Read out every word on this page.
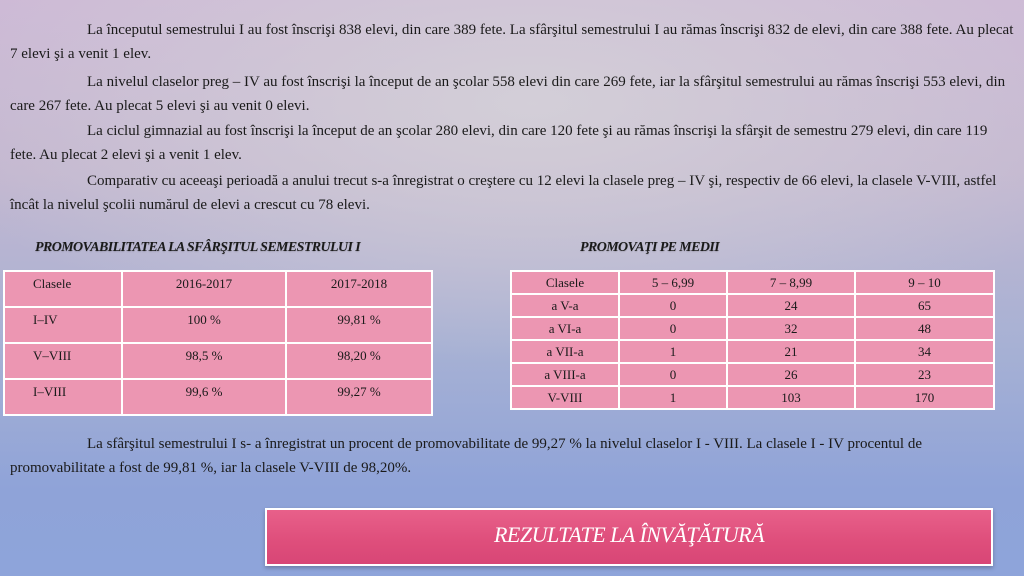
La începutul semestrului I au fost înscrişi 838 elevi, din care 389 fete. La sfârşitul semestrului I au rămas înscrişi 832 de elevi, din care 388 fete. Au plecat 7 elevi şi a venit 1 elev.
La nivelul claselor preg – IV au fost înscrişi la început de an şcolar 558 elevi din care 269 fete, iar la sfârşitul semestrului au rămas înscrişi 553 elevi, din care 267 fete. Au plecat 5 elevi şi au venit 0 elevi.
La ciclul gimnazial au fost înscrişi la început de an şcolar 280 elevi, din care 120 fete şi au rămas înscrişi la sfârşit de semestru 279 elevi, din care 119 fete. Au plecat 2 elevi şi a venit 1 elev.
Comparativ cu aceeaşi perioadă a anului trecut s-a înregistrat o creştere cu 12 elevi la clasele preg – IV şi, respectiv de 66 elevi, la clasele V-VIII, astfel încât la nivelul şcolii numărul de elevi a crescut cu 78 elevi.
PROMOVABILITATEA LA SFÂRŞITUL SEMESTRULUI I	PROMOVAŢI PE MEDII
Clasele	2016-2017	2017-2018

I–IV	100 %	99,81 %

V–VIII	98,5 %	98,20 %

I–VIII	99,6 %	99,27 %
Clasele	5 – 6,99	7 – 8,99	9 – 10

a V-a	0	24	65

a VI-a	0	32	48

a VII-a	1	21	34

a VIII-a	0	26	23

V-VIII	1	103	170
La sfârşitul semestrului I s- a înregistrat un procent de promovabilitate de 99,27 % la nivelul claselor I - VIII. La clasele I - IV procentul de promovabilitate a fost de 99,81 %, iar la clasele V-VIII de 98,20%.
REZULTATE LA ÎNVĂŢĂTURĂ
